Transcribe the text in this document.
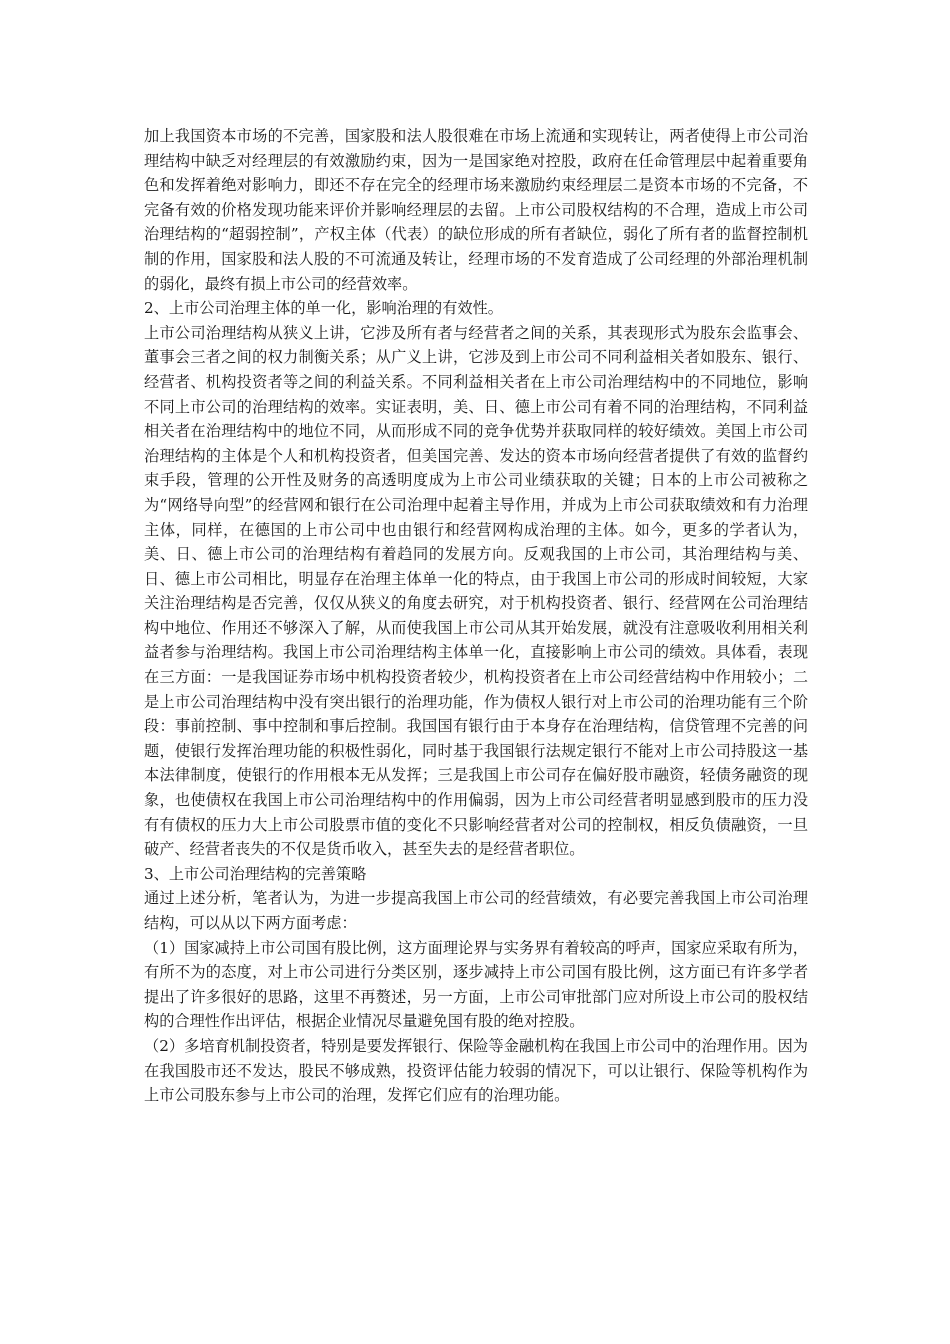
加上我国资本市场的不完善，国家股和法人股很难在市场上流通和实现转让，两者使得上市公司治理结构中缺乏对经理层的有效激励约束，因为一是国家绝对控股，政府在任命管理层中起着重要角色和发挥着绝对影响力，即还不存在完全的经理市场来激励约束经理层二是资本市场的不完备，不完备有效的价格发现功能来评价并影响经理层的去留。上市公司股权结构的不合理，造成上市公司治理结构的“超弱控制”，产权主体（代表）的缺位形成的所有者缺位，弱化了所有者的监督控制机制的作用，国家股和法人股的不可流通及转让，经理市场的不发育造成了公司经理的外部治理机制的弱化，最终有损上市公司的经营效率。

2、上市公司治理主体的单一化，影响治理的有效性。

上市公司治理结构从狭义上讲，它涉及所有者与经营者之间的关系，其表现形式为股东会监事会、董事会三者之间的权力制衡关系；从广义上讲，它涉及到上市公司不同利益相关者如股东、银行、经营者、机构投资者等之间的利益关系。不同利益相关者在上市公司治理结构中的不同地位，影响不同上市公司的治理结构的效率。实证表明，美、日、德上市公司有着不同的治理结构，不同利益相关者在治理结构中的地位不同，从而形成不同的竞争优势并获取同样的较好绩效。美国上市公司治理结构的主体是个人和机构投资者，但美国完善、发达的资本市场向经营者提供了有效的监督约束手段，管理的公开性及财务的高透明度成为上市公司业绩获取的关键；日本的上市公司被称之为“网络导向型”的经营网和银行在公司治理中起着主导作用，并成为上市公司获取绩效和有力治理主体，同样，在德国的上市公司中也由银行和经营网构成治理的主体。如今，更多的学者认为，美、日、德上市公司的治理结构有着趋同的发展方向。反观我国的上市公司，其治理结构与美、日、德上市公司相比，明显存在治理主体单一化的特点，由于我国上市公司的形成时间较短，大家关注治理结构是否完善，仅仅从狭义的角度去研究，对于机构投资者、银行、经营网在公司治理结构中地位、作用还不够深入了解，从而使我国上市公司从其开始发展，就没有注意吸收利用相关利益者参与治理结构。我国上市公司治理结构主体单一化，直接影响上市公司的绩效。具体看，表现在三方面：一是我国证券市场中机构投资者较少，机构投资者在上市公司经营结构中作用较小；二是上市公司治理结构中没有突出银行的治理功能，作为债权人银行对上市公司的治理功能有三个阶段：事前控制、事中控制和事后控制。我国国有银行由于本身存在治理结构，信贷管理不完善的问题，使银行发挥治理功能的积极性弱化，同时基于我国银行法规定银行不能对上市公司持股这一基本法律制度，使银行的作用根本无从发挥；三是我国上市公司存在偏好股市融资，轻债务融资的现象，也使债权在我国上市公司治理结构中的作用偏弱，因为上市公司经营者明显感到股市的压力没有有债权的压力大上市公司股票市值的变化不只影响经营者对公司的控制权，相反负债融资，一旦破产、经营者丧失的不仅是货币收入，甚至失去的是经营者职位。

3、上市公司治理结构的完善策略

通过上述分析，笔者认为，为进一步提高我国上市公司的经营绩效，有必要完善我国上市公司治理结构，可以从以下两方面考虑：

（1）国家减持上市公司国有股比例，这方面理论界与实务界有着较高的呼声，国家应采取有所为，有所不为的态度，对上市公司进行分类区别，逐步减持上市公司国有股比例，这方面已有许多学者提出了许多很好的思路，这里不再赘述，另一方面，上市公司审批部门应对所设上市公司的股权结构的合理性作出评估，根据企业情况尽量避免国有股的绝对控股。

（2）多培育机制投资者，特别是要发挥银行、保险等金融机构在我国上市公司中的治理作用。因为在我国股市还不发达，股民不够成熟，投资评估能力较弱的情况下，可以让银行、保险等机构作为上市公司股东参与上市公司的治理，发挥它们应有的治理功能。
